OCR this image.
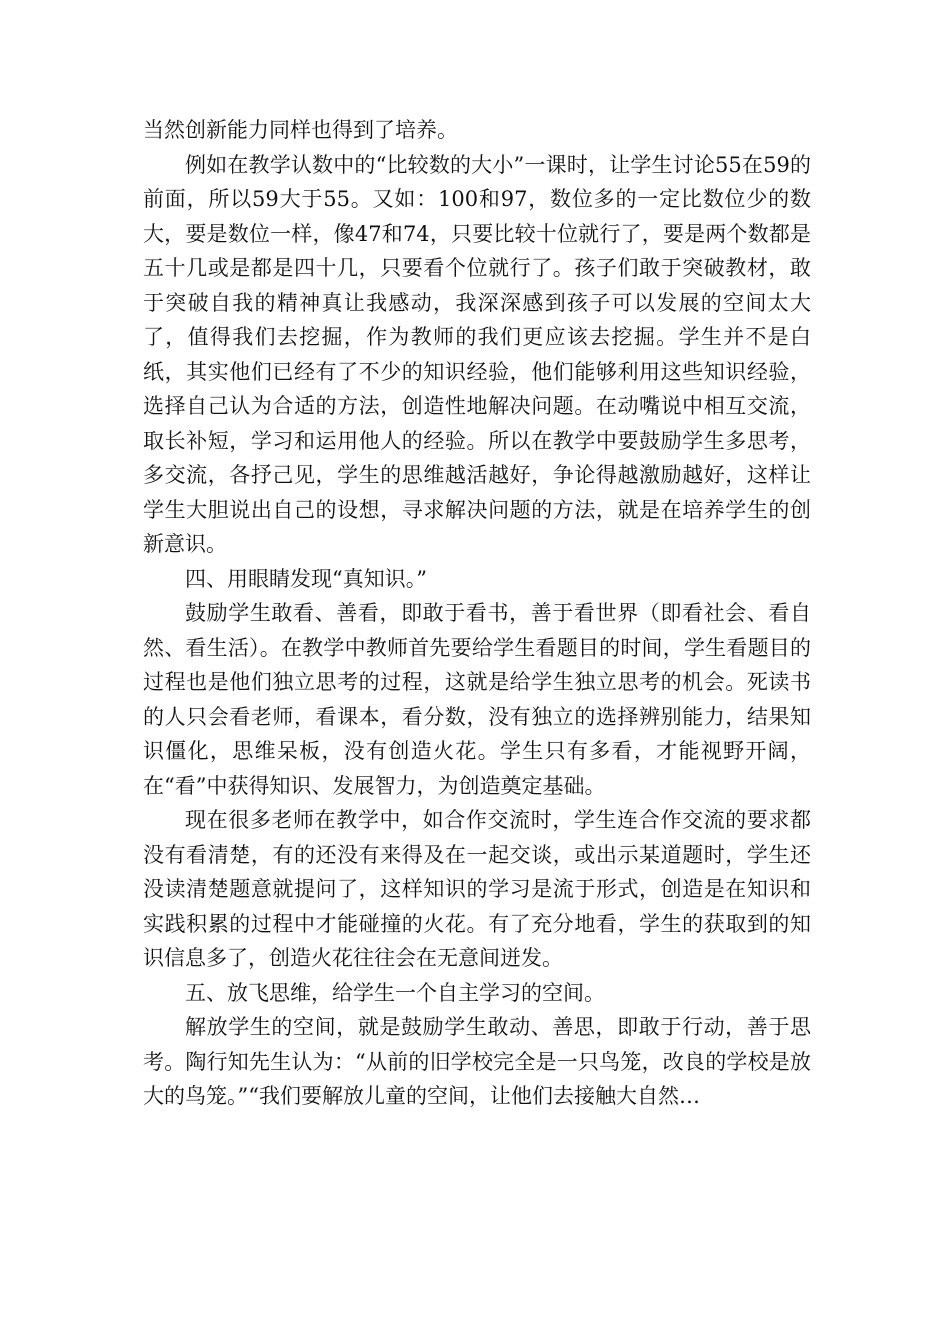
当然创新能力同样也得到了培养。

例如在教学认数中的“比较数的大小”一课时，让学生讨论55在59的前面，所以59大于55。又如：100和97，数位多的一定比数位少的数大，要是数位一样，像47和74，只要比较十位就行了，要是两个数都是五十几或是都是四十几，只要看个位就行了。孩子们敢于突破教材，敢于突破自我的精神真让我感动，我深深感到孩子可以发展的空间太大了，值得我们去挖掘，作为教师的我们更应该去挖掘。学生并不是白纸，其实他们已经有了不少的知识经验，他们能够利用这些知识经验，选择自己认为合适的方法，创造性地解决问题。在动嘴说中相互交流，取长补短，学习和运用他人的经验。所以在教学中要鼓励学生多思考，多交流，各抒己见，学生的思维越活越好，争论得越激励越好，这样让学生大胆说出自己的设想，寻求解决问题的方法，就是在培养学生的创新意识。

四、用眼睛发现“真知识。”

鼓励学生敢看、善看，即敢于看书，善于看世界（即看社会、看自然、看生活）。在教学中教师首先要给学生看题目的时间，学生看题目的过程也是他们独立思考的过程，这就是给学生独立思考的机会。死读书的人只会看老师，看课本，看分数，没有独立的选择辨别能力，结果知识僵化，思维呆板，没有创造火花。学生只有多看，才能视野开阔，在“看”中获得知识、发展智力，为创造奠定基础。

现在很多老师在教学中，如合作交流时，学生连合作交流的要求都没有看清楚，有的还没有来得及在一起交谈，或出示某道题时，学生还没读清楚题意就提问了，这样知识的学习是流于形式，创造是在知识和实践积累的过程中才能碰撞的火花。有了充分地看，学生的获取到的知识信息多了，创造火花往往会在无意间迸发。

五、放飞思维，给学生一个自主学习的空间。

解放学生的空间，就是鼓励学生敢动、善思，即敢于行动，善于思考。陶行知先生认为：“从前的旧学校完全是一只鸟笼，改良的学校是放大的鸟笼。”“我们要解放儿童的空间，让他们去接触大自然…
